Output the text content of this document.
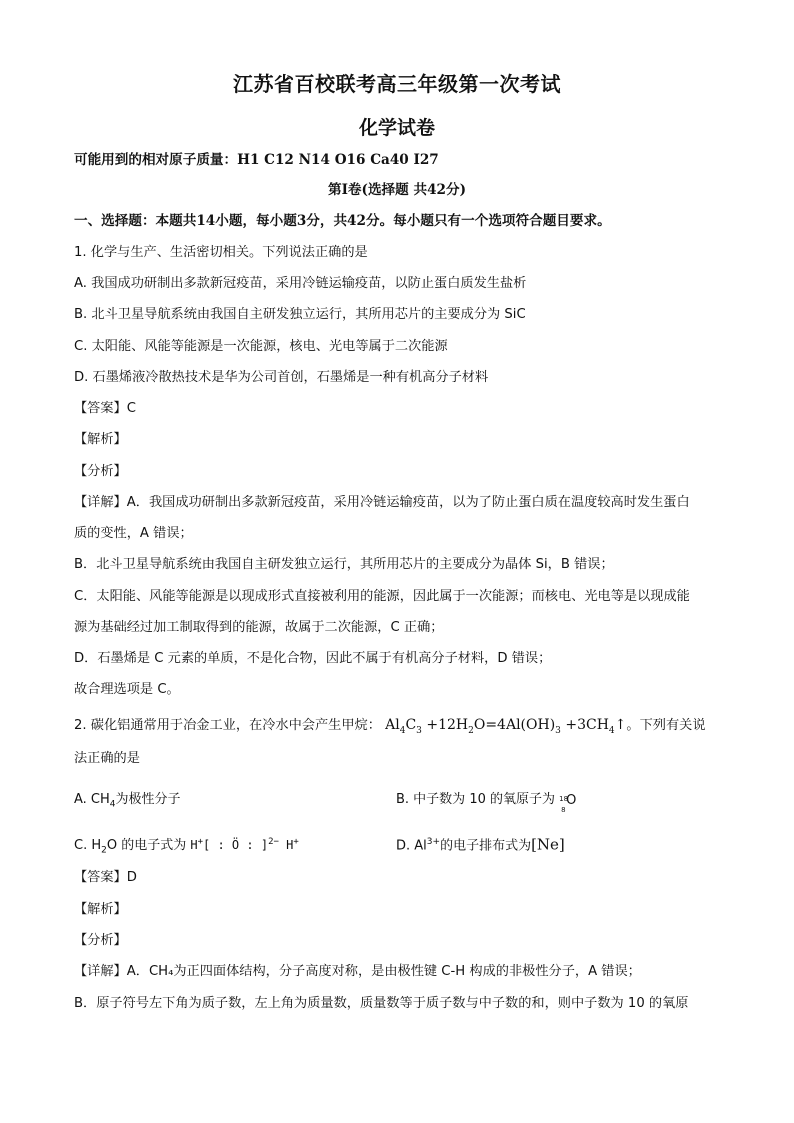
江苏省百校联考高三年级第一次考试
化学试卷
可能用到的相对原子质量：H1 C12 N14 O16 Ca40 I27
第Ⅰ卷(选择题 共42分)
一、选择题：本题共14小题，每小题3分，共42分。每小题只有一个选项符合题目要求。
1. 化学与生产、生活密切相关。下列说法正确的是
A. 我国成功研制出多款新冠疫苗，采用冷链运输疫苗，以防止蛋白质发生盐析
B. 北斗卫星导航系统由我国自主研发独立运行，其所用芯片的主要成分为 SiC
C. 太阳能、风能等能源是一次能源，核电、光电等属于二次能源
D. 石墨烯液冷散热技术是华为公司首创，石墨烯是一种有机高分子材料
【答案】C
【解析】
【分析】
【详解】A．我国成功研制出多款新冠疫苗，采用冷链运输疫苗，以为了防止蛋白质在温度较高时发生蛋白
质的变性，A 错误；
B．北斗卫星导航系统由我国自主研发独立运行，其所用芯片的主要成分为晶体 Si，B 错误；
C．太阳能、风能等能源是以现成形式直接被利用的能源，因此属于一次能源；而核电、光电等是以现成能
源为基础经过加工制取得到的能源，故属于二次能源，C 正确；
D．石墨烯是 C 元素的单质，不是化合物，因此不属于有机高分子材料，D 错误；
故合理选项是 C。
2. 碳化铝通常用于冶金工业，在冷水中会产生甲烷： $Al_4C_3 +12H_2O=4Al(OH)_3$ $+3CH_4↑$。下列有关说
法正确的是
A. $CH_4$为极性分子	B. 中子数为 10 的氧原子为 18
8
O
C. $H_2O$ 的电子式为 H+[ : Ö : ]$^{2-}$ H+	D. $Al^{3+}$的电子排布式为[Ne]
【答案】D
【解析】
【分析】
【详解】A．CH₄为正四面体结构，分子高度对称，是由极性键 C-H 构成的非极性分子，A 错误；
B．原子符号左下角为质子数，左上角为质量数，质量数等于质子数与中子数的和，则中子数为 10 的氧原
